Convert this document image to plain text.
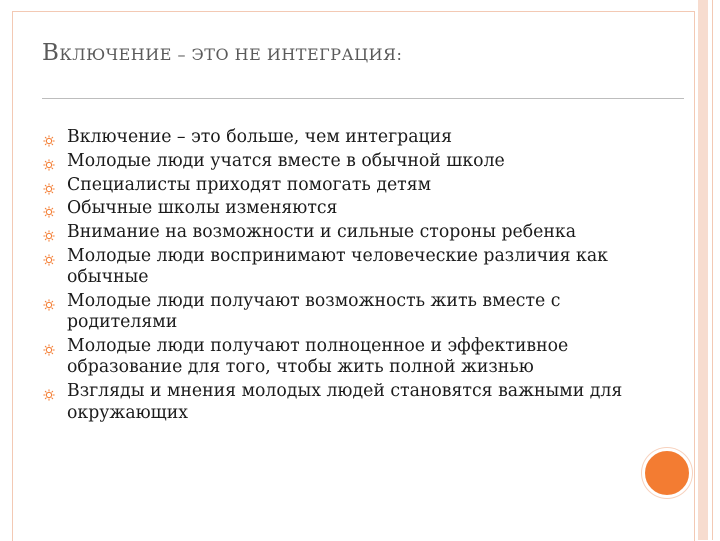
ВКЛЮЧЕНИЕ – ЭТО НЕ ИНТЕГРАЦИЯ:
Включение – это больше, чем интеграция
Молодые люди учатся вместе в обычной школе
Специалисты приходят помогать детям
Обычные школы изменяются
Внимание на возможности и сильные стороны ребенка
Молодые люди воспринимают человеческие различия как обычные
Молодые люди получают возможность жить вместе с родителями
Молодые люди получают полноценное и эффективное образование для того, чтобы жить полной жизнью
Взгляды и мнения молодых людей становятся важными для окружающих
